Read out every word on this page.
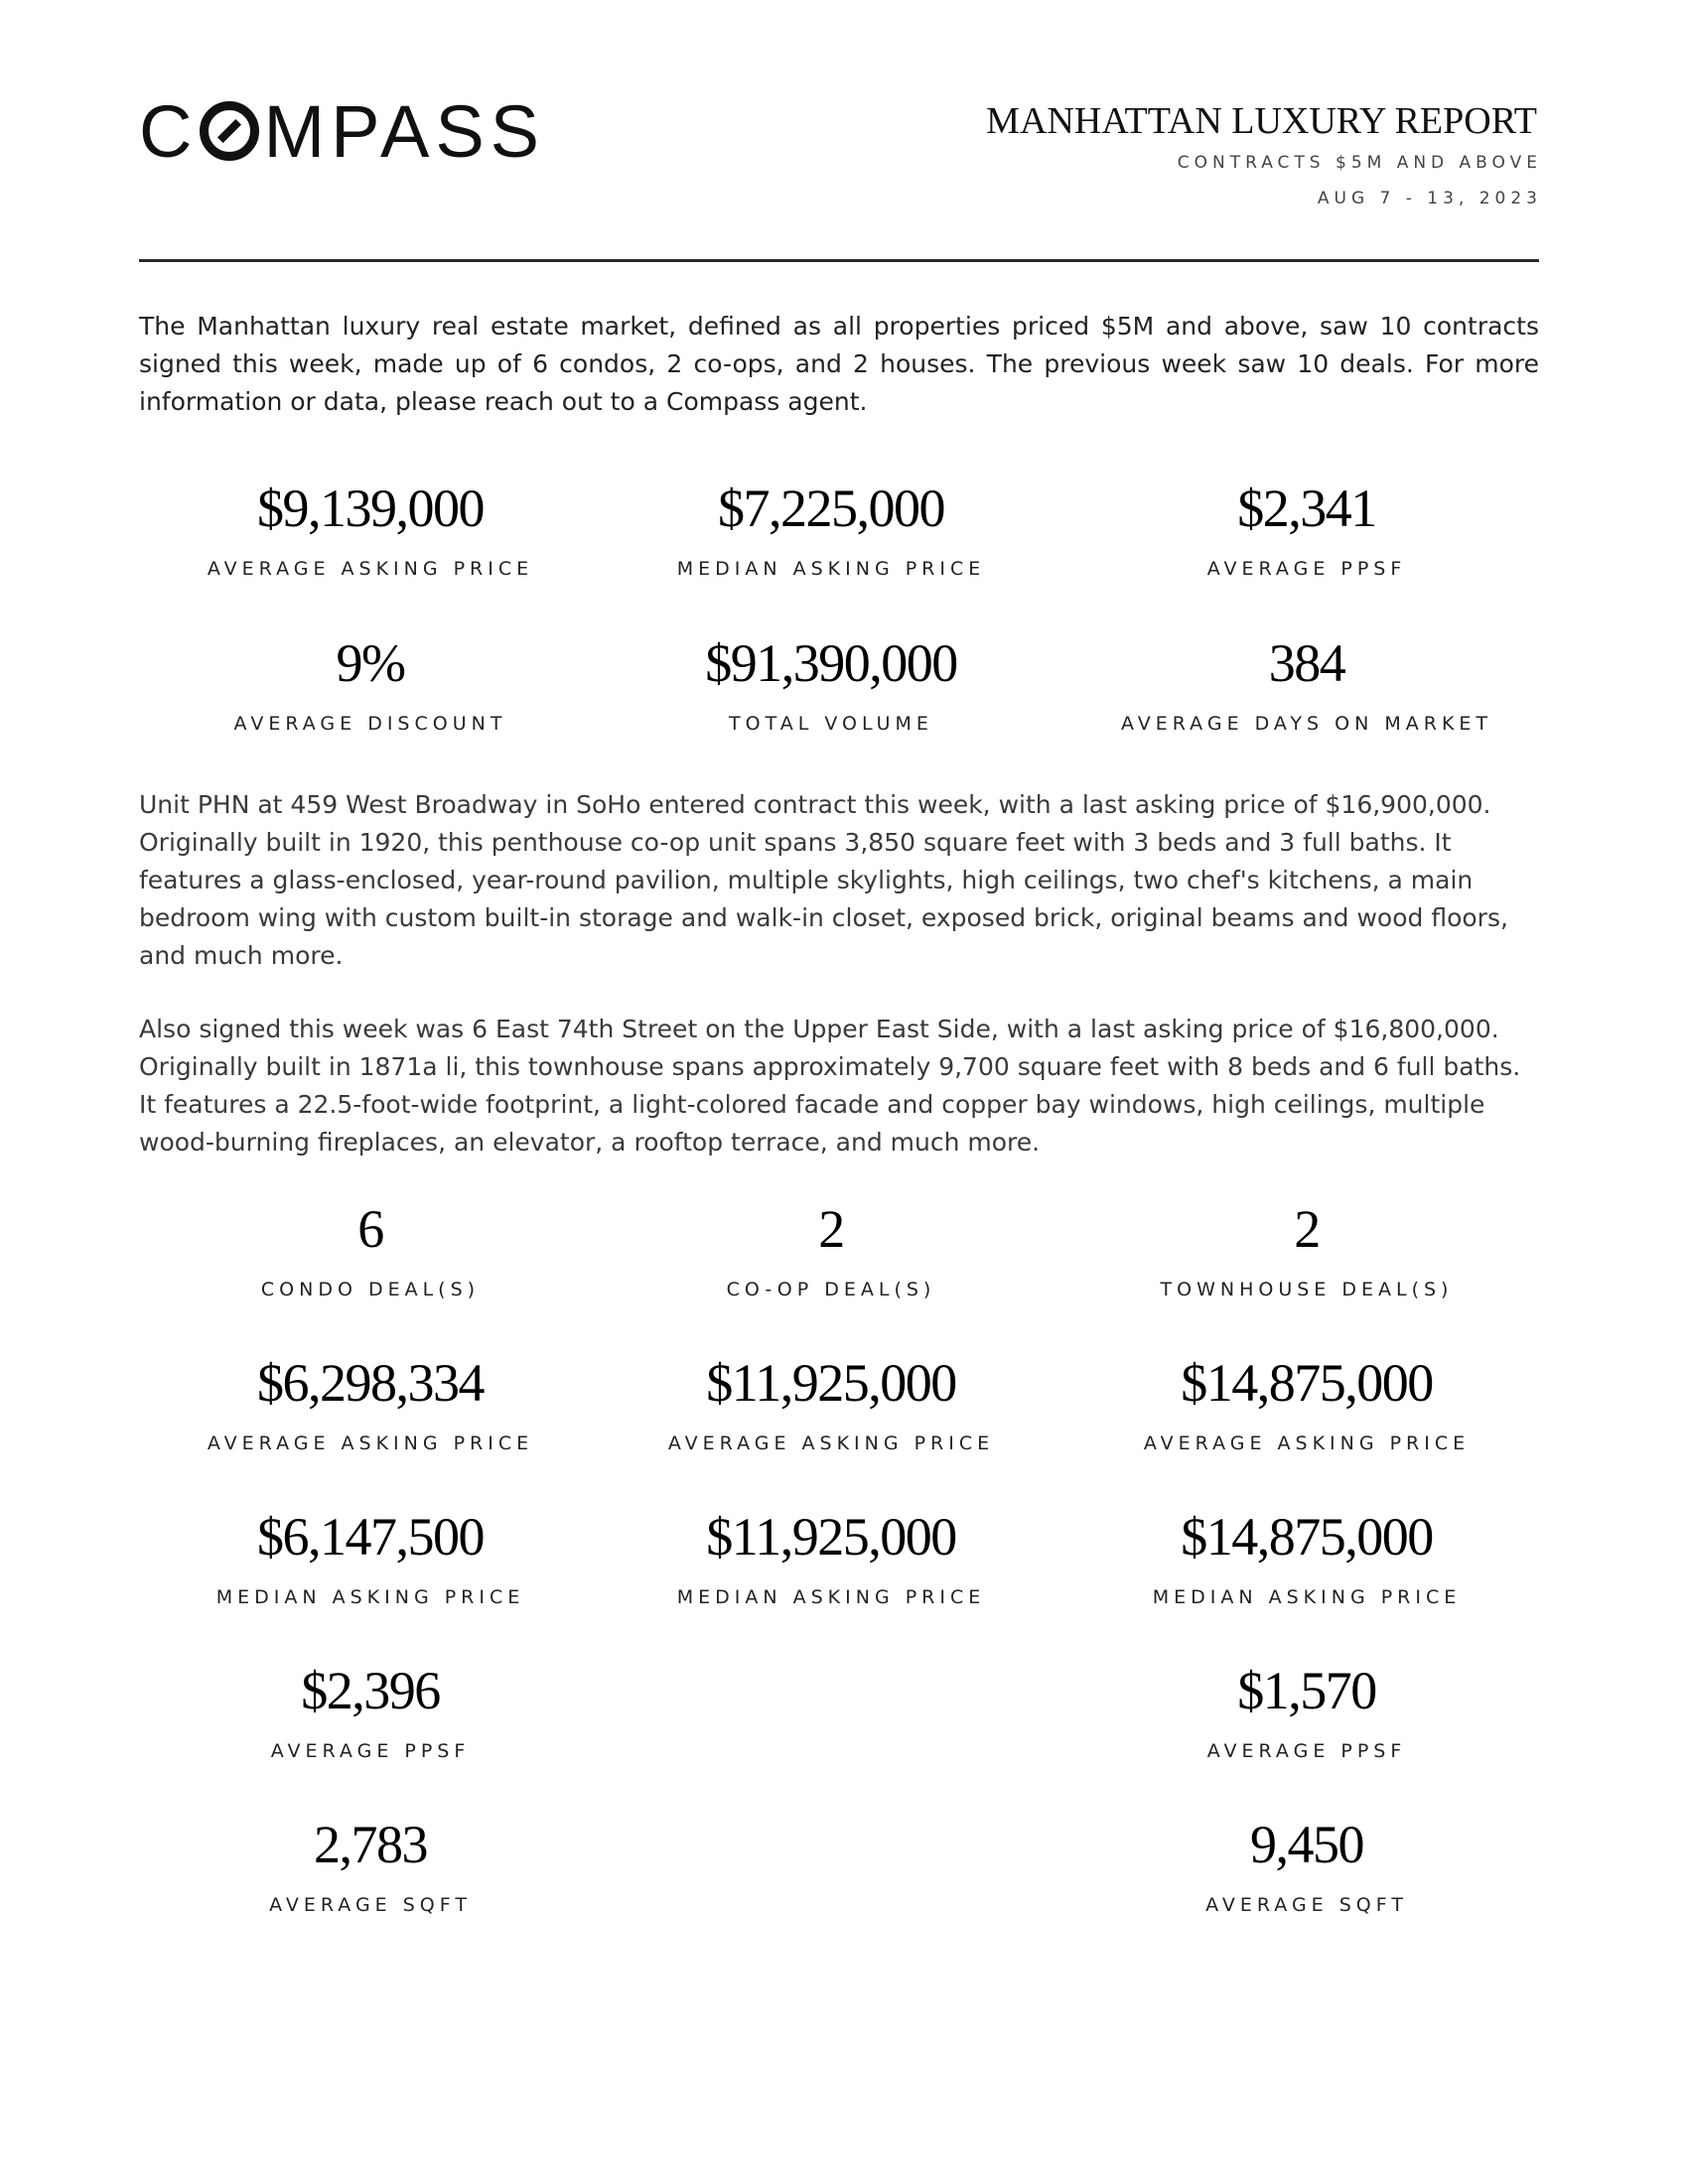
C MPASS	MANHATTAN LUXURY REPORT
CONTRACTS $5M AND ABOVE
AUG 7 - 13, 2023

The Manhattan luxury real estate market, defined as all properties priced $5M and above, saw 10 contracts signed this week, made up of 6 condos, 2 co-ops, and 2 houses. The previous week saw 10 deals. For more information or data, please reach out to a Compass agent.

$9,139,000
AVERAGE ASKING PRICE
$7,225,000
MEDIAN ASKING PRICE
$2,341
AVERAGE PPSF
9%
AVERAGE DISCOUNT
$91,390,000
TOTAL VOLUME
384
AVERAGE DAYS ON MARKET

Unit PHN at 459 West Broadway in SoHo entered contract this week, with a last asking price of $16,900,000. Originally built in 1920, this penthouse co-op unit spans 3,850 square feet with 3 beds and 3 full baths. It features a glass-enclosed, year-round pavilion, multiple skylights, high ceilings, two chef's kitchens, a main bedroom wing with custom built-in storage and walk-in closet, exposed brick, original beams and wood floors, and much more.

Also signed this week was 6 East 74th Street on the Upper East Side, with a last asking price of $16,800,000. Originally built in 1871a li, this townhouse spans approximately 9,700 square feet with 8 beds and 6 full baths. It features a 22.5-foot-wide footprint, a light-colored facade and copper bay windows, high ceilings, multiple wood-burning fireplaces, an elevator, a rooftop terrace, and much more.

6
CONDO DEAL(S)
2
CO-OP DEAL(S)
2
TOWNHOUSE DEAL(S)
$6,298,334
AVERAGE ASKING PRICE
$11,925,000
AVERAGE ASKING PRICE
$14,875,000
AVERAGE ASKING PRICE
$6,147,500
MEDIAN ASKING PRICE
$11,925,000
MEDIAN ASKING PRICE
$14,875,000
MEDIAN ASKING PRICE
$2,396
AVERAGE PPSF
$1,570
AVERAGE PPSF
2,783
AVERAGE SQFT
9,450
AVERAGE SQFT
